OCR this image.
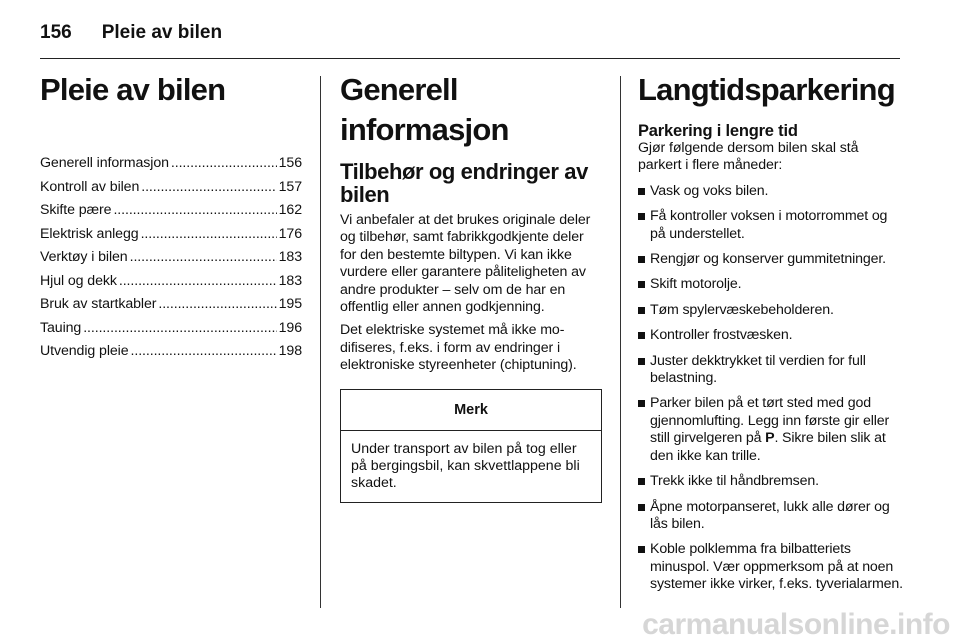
156 Pleie av bilen
Pleie av bilen
Generell informasjon .....	156
Kontroll av bilen .....	157
Skifte pære .....	162
Elektrisk anlegg .....	176
Verktøy i bilen .....	183
Hjul og dekk .....	183
Bruk av startkabler .....	195
Tauing .....	196
Utvendig pleie .....	198
Generell informasjon
Tilbehør og endringer av bilen

Vi anbefaler at det brukes originale deler og tilbehør, samt fabrikkgodkjente deler for den bestemte biltypen. Vi kan ikke vurdere eller garantere påliteligheten av andre produkter – selv om de har en offentlig eller annen godkjenning.

Det elektriske systemet må ikke modifiseres, f.eks. i form av endringer i elektroniske styreenheter (chiptuning).

Merk
Under transport av bilen på tog eller på bergingsbil, kan skvettlappene bli skadet.
Langtidsparkering
Parkering i lengre tid

Gjør følgende dersom bilen skal stå parkert i flere måneder:

Vask og voks bilen.
Få kontroller voksen i motorrommet og på understellet.
Rengjør og konserver gummitetninger.
Skift motorolje.
Tøm spylervæskebeholderen.
Kontroller frostvæsken.
Juster dekktrykket til verdien for full belastning.
Parker bilen på et tørt sted med god gjennomlufting. Legg inn første gir eller still girvelgeren på P. Sikre bilen slik at den ikke kan trille.
Trekk ikke til håndbremsen.
Åpne motorpanseret, lukk alle dører og lås bilen.
Koble polklemma fra bilbatteriets minuspol. Vær oppmerksom på at noen systemer ikke virker, f.eks. tyverialarmen.
carmanualsonline.info
